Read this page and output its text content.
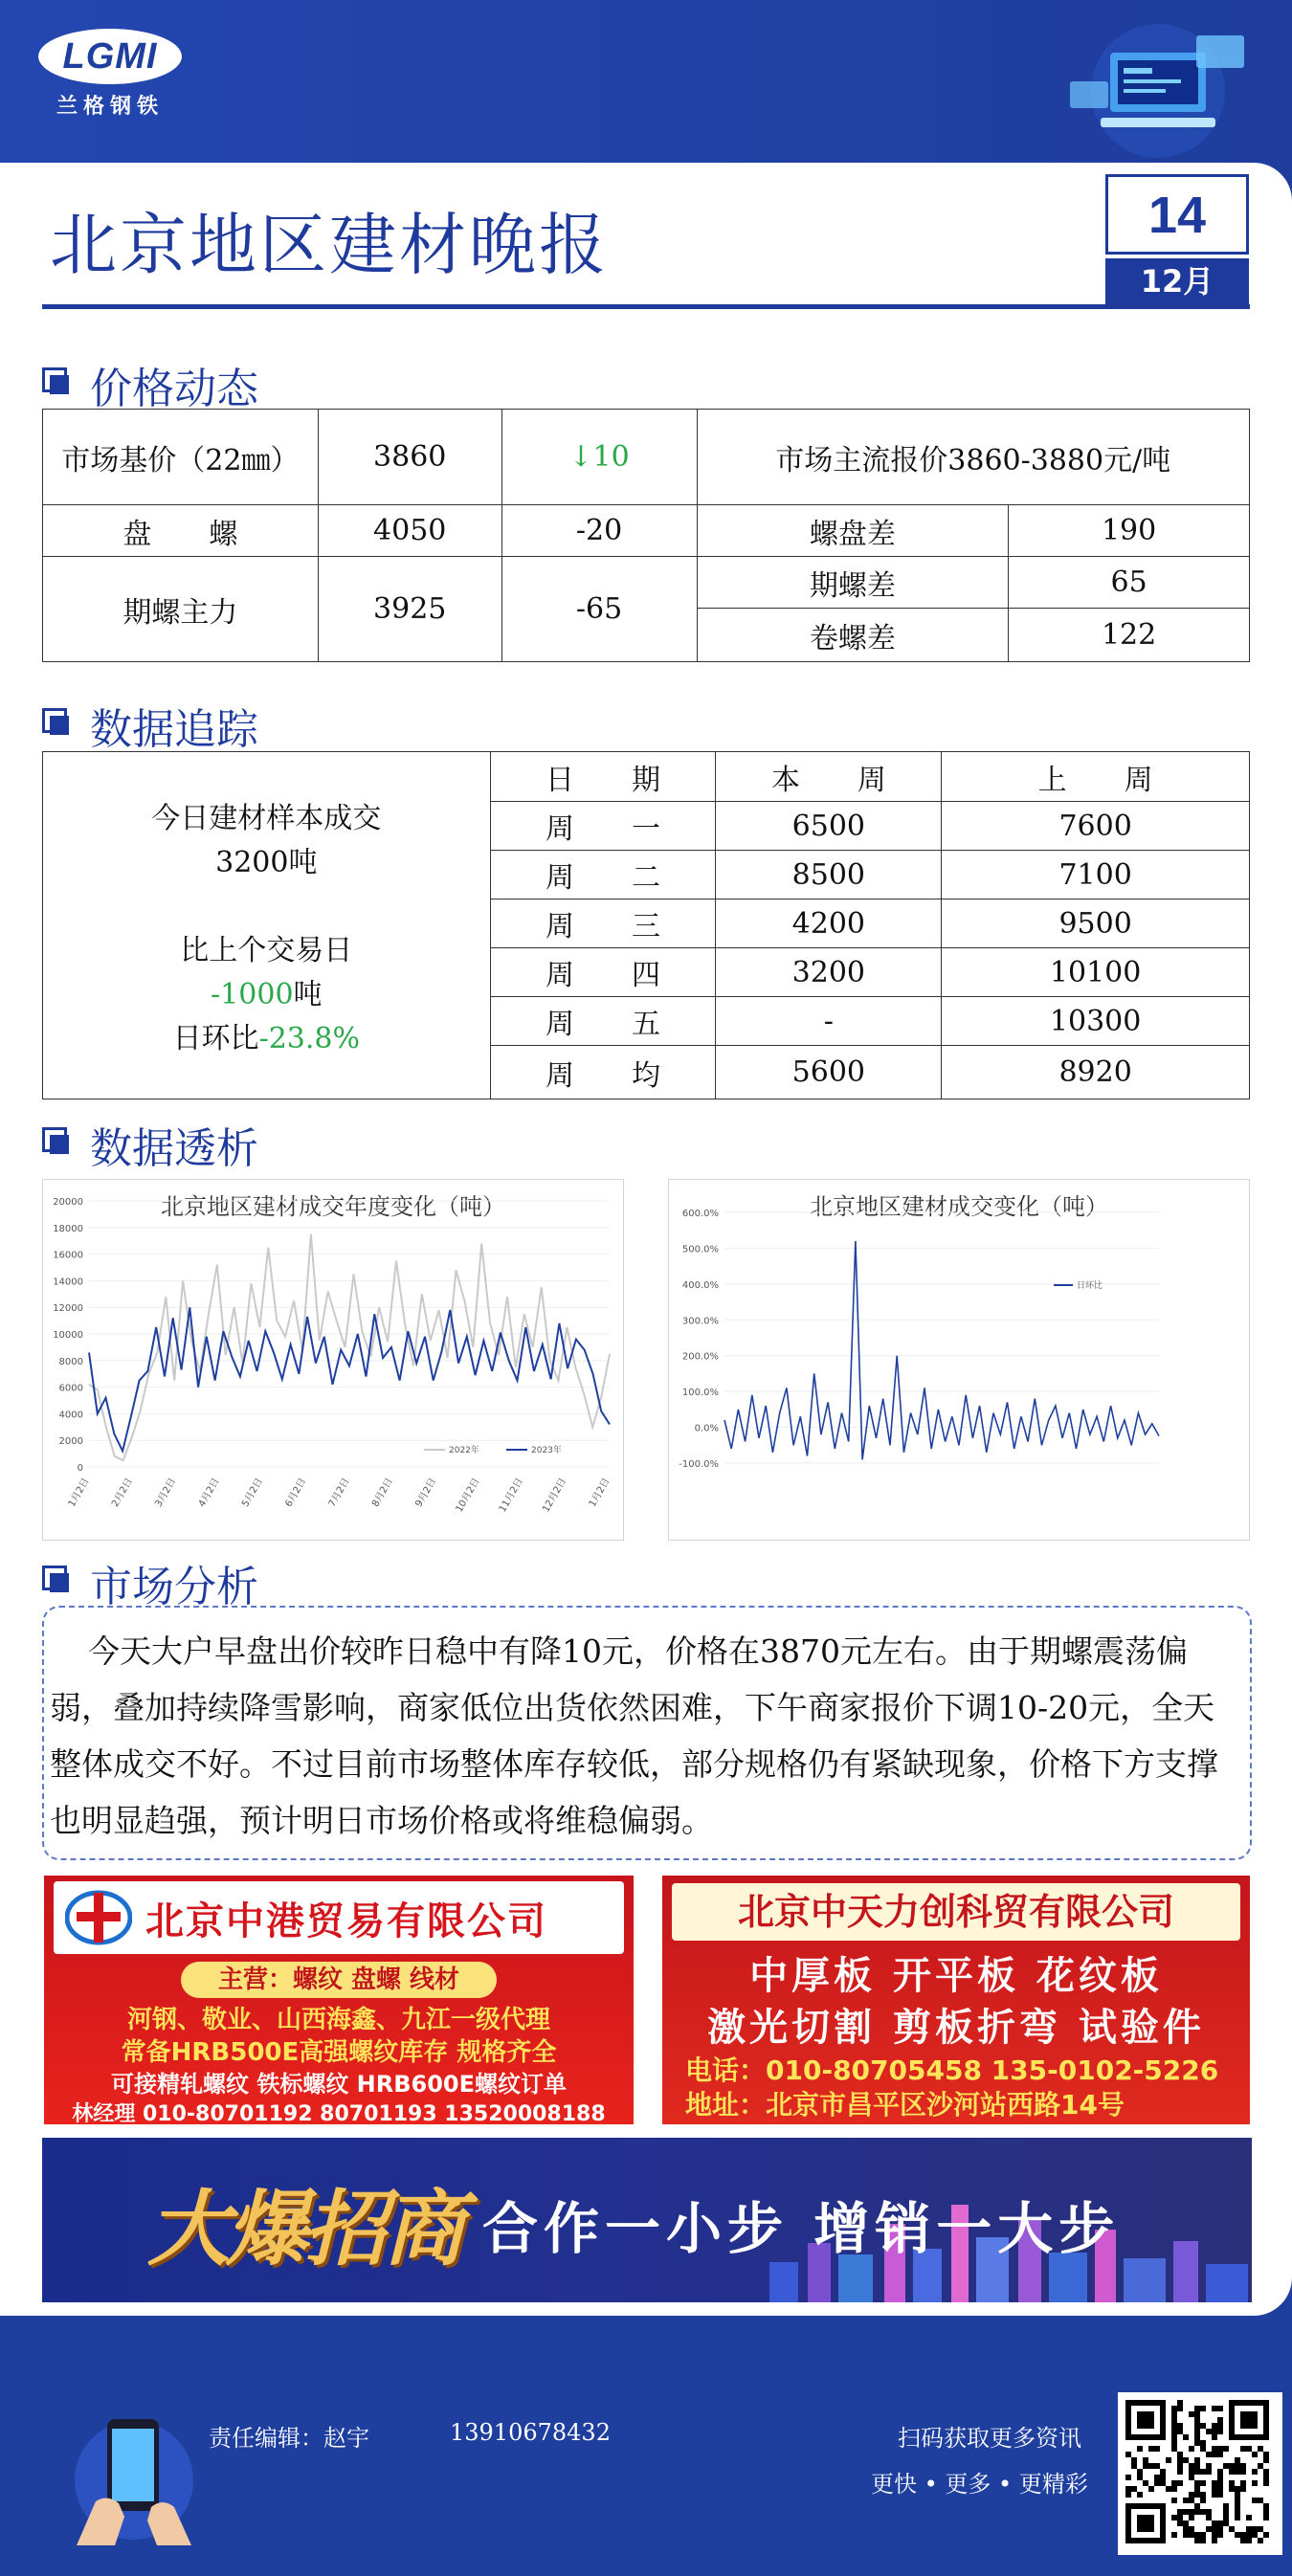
LGMI
兰格钢铁
北京地区建材晚报	14
12月
价格动态
市场基价（22㎜）	3860	↓10	市场主流报价3860-3880元/吨	
盘　　螺	4050	-20	螺盘差	190
期螺主力	3925	-65	期螺差	65
			卷螺差	122
数据追踪
今日建材样本成交
3200吨
比上个交易日
-1000吨
日环比-23.8%	日　　期	本　　周	上　　周
	周　　一	6500	7600
	周　　二	8500	7100
	周　　三	4200	9500
	周　　四	3200	10100
	周　　五	-	10300
	周　　均	5600	8920
数据透析
北京地区建材成交年度变化（吨）
0
2000
4000
6000
8000
10000
12000
14000
16000
18000
20000
1月2日 2月2日 3月2日 4月2日 5月2日 6月2日 7月2日 8月2日 9月2日 10月2日 11月2日 12月2日 1月2日
2022年	2023年
北京地区建材成交变化（吨）
-100.0%
0.0%
100.0%
200.0%
300.0%
400.0%
500.0%
600.0%
日环比
市场分析
今天大户早盘出价较昨日稳中有降10元，价格在3870元左右。由于期螺震荡偏弱，叠加持续降雪影响，商家低位出货依然困难，下午商家报价下调10-20元，全天整体成交不好。不过目前市场整体库存较低，部分规格仍有紧缺现象，价格下方支撑也明显趋强，预计明日市场价格或将维稳偏弱。
北京中港贸易有限公司
主营：螺纹 盘螺 线材
河钢、敬业、山西海鑫、九江一级代理
常备HRB500E高强螺纹库存 规格齐全
可接精轧螺纹 铁标螺纹 HRB600E螺纹订单
林经理 010-80701192 80701193 13520008188
北京中天力创科贸有限公司
中厚板 开平板 花纹板
激光切割 剪板折弯 试验件
电话：010-80705458 135-0102-5226
地址：北京市昌平区沙河站西路14号
大爆招商 合作一小步 增销一大步
责任编辑：赵宇	13910678432	扫码获取更多资讯
更快 • 更多 • 更精彩
